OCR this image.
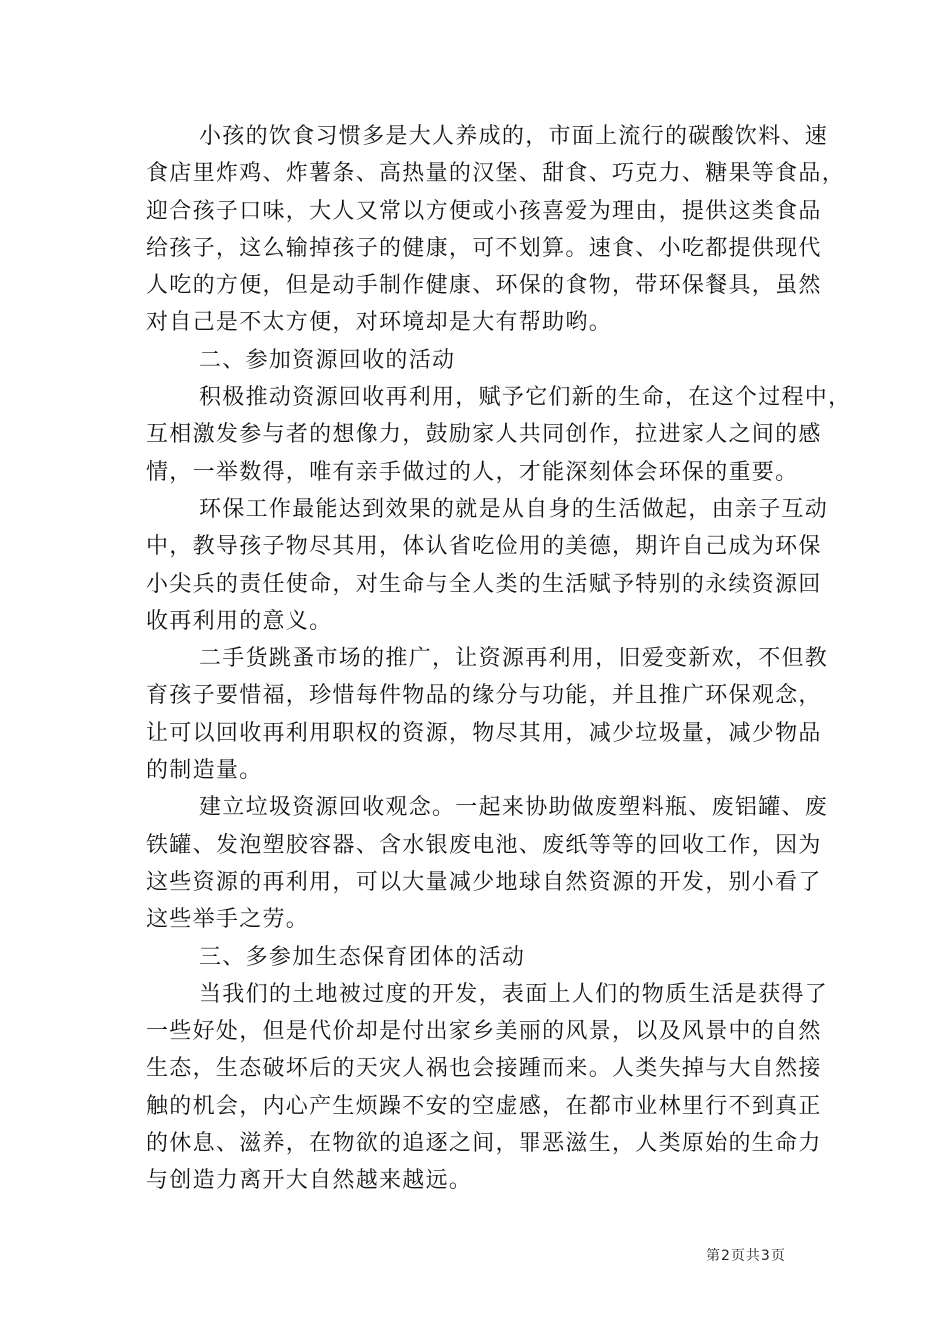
小孩的饮食习惯多是大人养成的，市面上流行的碳酸饮料、速
食店里炸鸡、炸薯条、高热量的汉堡、甜食、巧克力、糖果等食品，
迎合孩子口味，大人又常以方便或小孩喜爱为理由，提供这类食品
给孩子，这么输掉孩子的健康，可不划算。速食、小吃都提供现代
人吃的方便，但是动手制作健康、环保的食物，带环保餐具，虽然
对自己是不太方便，对环境却是大有帮助哟。
二、参加资源回收的活动
积极推动资源回收再利用，赋予它们新的生命，在这个过程中，
互相激发参与者的想像力，鼓励家人共同创作，拉进家人之间的感
情，一举数得，唯有亲手做过的人，才能深刻体会环保的重要。
环保工作最能达到效果的就是从自身的生活做起，由亲子互动
中，教导孩子物尽其用，体认省吃俭用的美德，期许自己成为环保
小尖兵的责任使命，对生命与全人类的生活赋予特别的永续资源回
收再利用的意义。
二手货跳蚤市场的推广，让资源再利用，旧爱变新欢，不但教
育孩子要惜福，珍惜每件物品的缘分与功能，并且推广环保观念，
让可以回收再利用职权的资源，物尽其用，减少垃圾量，减少物品
的制造量。
建立垃圾资源回收观念。一起来协助做废塑料瓶、废铝罐、废
铁罐、发泡塑胶容器、含水银废电池、废纸等等的回收工作，因为
这些资源的再利用，可以大量减少地球自然资源的开发，别小看了
这些举手之劳。
三、多参加生态保育团体的活动
当我们的土地被过度的开发，表面上人们的物质生活是获得了
一些好处，但是代价却是付出家乡美丽的风景，以及风景中的自然
生态，生态破坏后的天灾人祸也会接踵而来。人类失掉与大自然接
触的机会，内心产生烦躁不安的空虚感，在都市业林里行不到真正
的休息、滋养，在物欲的追逐之间，罪恶滋生，人类原始的生命力
与创造力离开大自然越来越远。
第2页共3页
